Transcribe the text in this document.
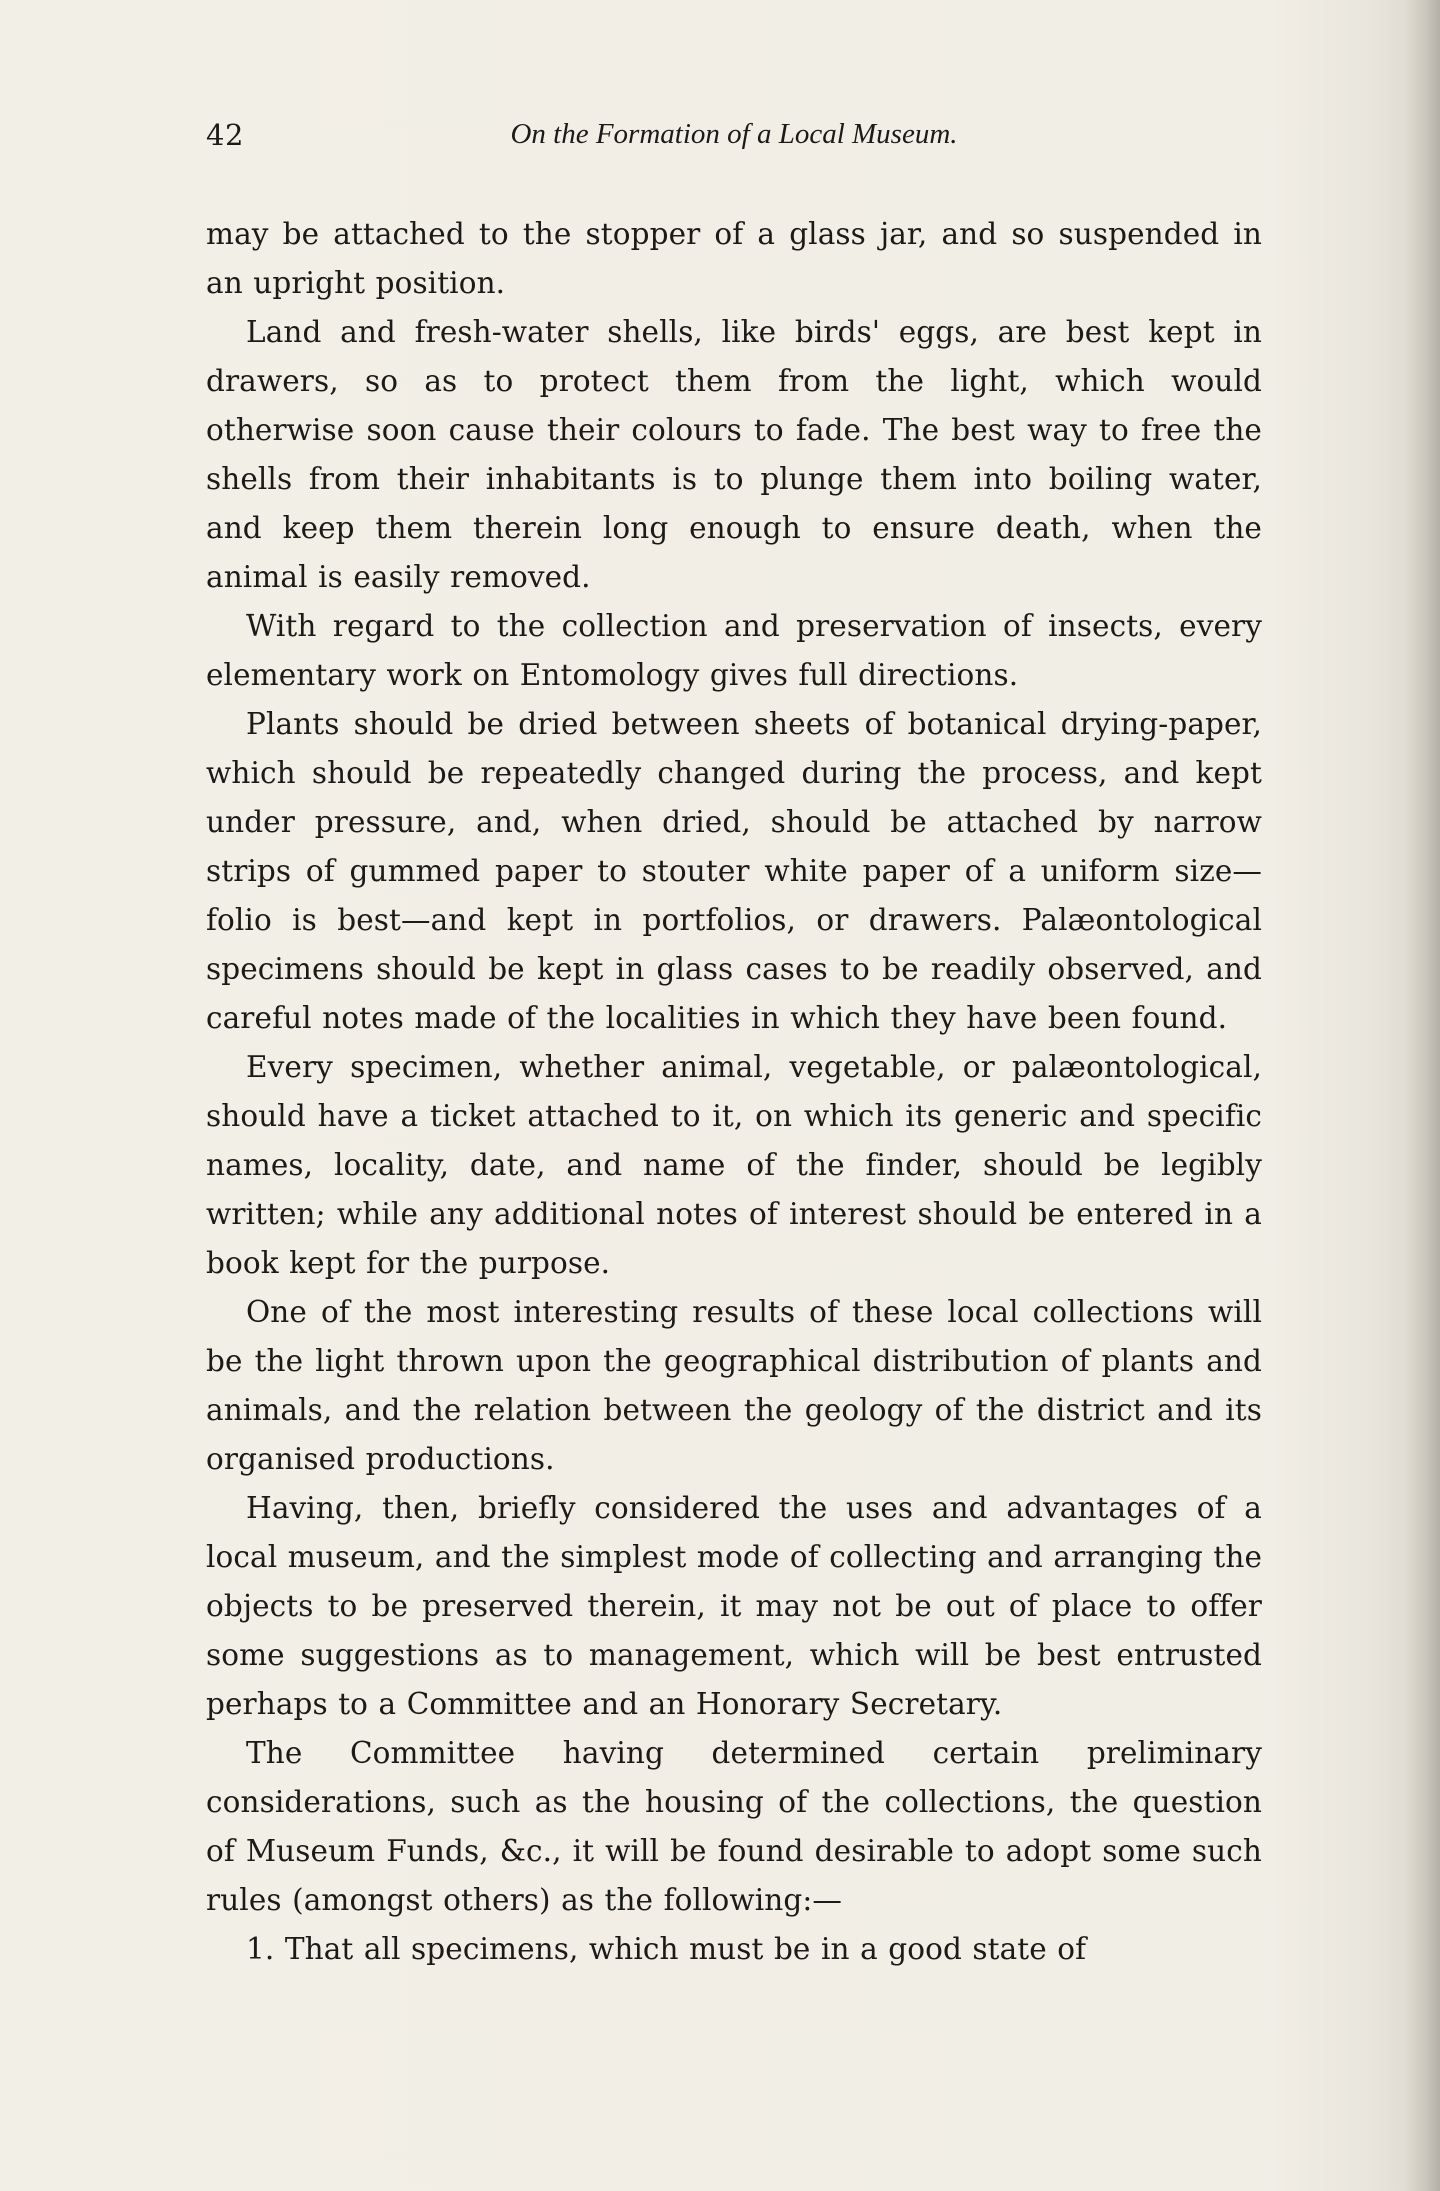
42	On the Formation of a Local Museum.

may be attached to the stopper of a glass jar, and so suspended in an upright position.

Land and fresh-water shells, like birds' eggs, are best kept in drawers, so as to protect them from the light, which would otherwise soon cause their colours to fade. The best way to free the shells from their inhabitants is to plunge them into boiling water, and keep them therein long enough to ensure death, when the animal is easily removed.

With regard to the collection and preservation of insects, every elementary work on Entomology gives full directions.

Plants should be dried between sheets of botanical drying-paper, which should be repeatedly changed during the process, and kept under pressure, and, when dried, should be attached by narrow strips of gummed paper to stouter white paper of a uniform size—folio is best—and kept in portfolios, or drawers. Palæontological specimens should be kept in glass cases to be readily observed, and careful notes made of the localities in which they have been found.

Every specimen, whether animal, vegetable, or palæontological, should have a ticket attached to it, on which its generic and specific names, locality, date, and name of the finder, should be legibly written; while any additional notes of interest should be entered in a book kept for the purpose.

One of the most interesting results of these local collections will be the light thrown upon the geographical distribution of plants and animals, and the relation between the geology of the district and its organised productions.

Having, then, briefly considered the uses and advantages of a local museum, and the simplest mode of collecting and arranging the objects to be preserved therein, it may not be out of place to offer some suggestions as to management, which will be best entrusted perhaps to a Committee and an Honorary Secretary.

The Committee having determined certain preliminary considerations, such as the housing of the collections, the question of Museum Funds, &c., it will be found desirable to adopt some such rules (amongst others) as the following:—

1. That all specimens, which must be in a good state of
